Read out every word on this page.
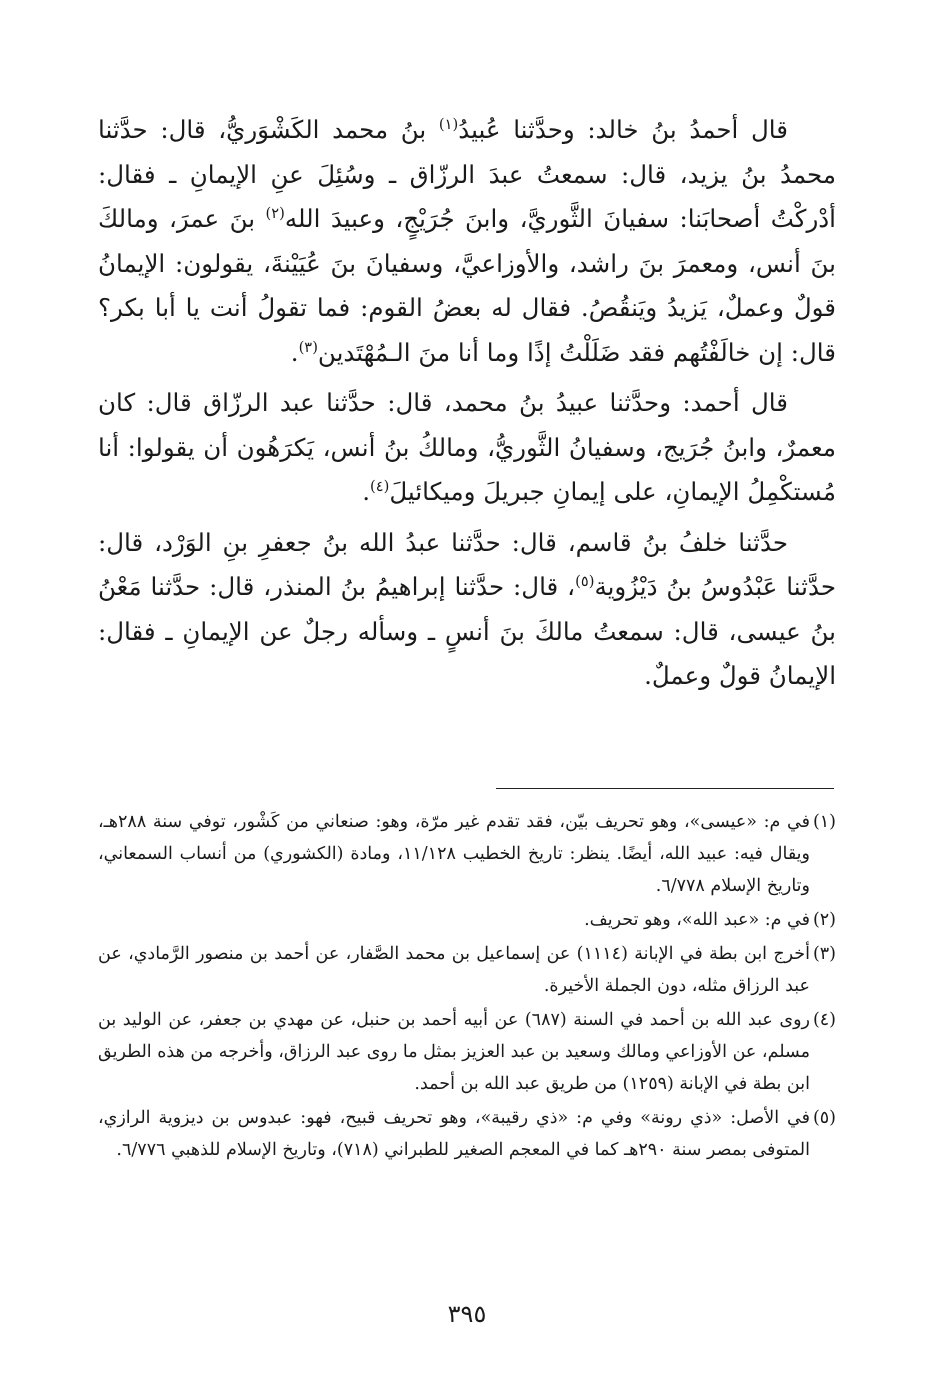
قال أحمدُ بنُ خالد: وحدَّثنا عُبيدُ$^{(١)}$ بنُ محمد الكَشْوَريُّ، قال: حدَّثنا محمدُ بنُ يزيد، قال: سمعتُ عبدَ الرزّاق ـ وسُئِلَ عنِ الإيمانِ ـ فقال: أدْركْتُ أصحابَنا: سفيانَ الثَّوريَّ، وابنَ جُرَيْجٍ، وعبيدَ الله$^{(٢)}$ بنَ عمرَ، ومالكَ بنَ أنس، ومعمرَ بنَ راشد، والأوزاعيَّ، وسفيانَ بنَ عُيَيْنةَ، يقولون: الإيمانُ قولٌ وعملٌ، يَزيدُ ويَنقُصُ. فقال له بعضُ القوم: فما تقولُ أنت يا أبا بكر؟ قال: إن خالَفْتُهم فقد ضَلَلْتُ إذًا وما أنا منَ الـمُهْتَدين$^{(٣)}$.

قال أحمد: وحدَّثنا عبيدُ بنُ محمد، قال: حدَّثنا عبد الرزّاق قال: كان معمرٌ، وابنُ جُرَيج، وسفيانُ الثَّوريُّ، ومالكُ بنُ أنس، يَكرَهُون أن يقولوا: أنا مُستكْمِلُ الإيمانِ، على إيمانِ جبريلَ وميكائيلَ$^{(٤)}$.

حدَّثنا خلفُ بنُ قاسم، قال: حدَّثنا عبدُ الله بنُ جعفرِ بنِ الوَرْد، قال: حدَّثنا عَبْدُوسُ بنُ دَيْزُوية$^{(٥)}$، قال: حدَّثنا إبراهيمُ بنُ المنذر، قال: حدَّثنا مَعْنُ بنُ عيسى، قال: سمعتُ مالكَ بنَ أنسٍ ـ وسأله رجلٌ عن الإيمانِ ـ فقال: الإيمانُ قولٌ وعملٌ.

(١)في م: «عيسى»، وهو تحريف بيّن، فقد تقدم غير مرّة، وهو: صنعاني من كَشْور، توفي سنة ٢٨٨هـ، ويقال فيه: عبيد الله، أيضًا. ينظر: تاريخ الخطيب ١١/١٢٨، ومادة (الكشوري) من أنساب السمعاني، وتاريخ الإسلام ٦/٧٧٨.

(٢)في م: «عبد الله»، وهو تحريف.

(٣)أخرج ابن بطة في الإبانة (١١١٤) عن إسماعيل بن محمد الصَّفار، عن أحمد بن منصور الرَّمادي، عن عبد الرزاق مثله، دون الجملة الأخيرة.

(٤)روى عبد الله بن أحمد في السنة (٦٨٧) عن أبيه أحمد بن حنبل، عن مهدي بن جعفر، عن الوليد بن مسلم، عن الأوزاعي ومالك وسعيد بن عبد العزيز بمثل ما روى عبد الرزاق، وأخرجه من هذه الطريق ابن بطة في الإبانة (١٢٥٩) من طريق عبد الله بن أحمد.

(٥)في الأصل: «ذي رونة» وفي م: «ذي رقيبة»، وهو تحريف قبيح، فهو: عبدوس بن ديزوية الرازي، المتوفى بمصر سنة ٢٩٠هـ كما في المعجم الصغير للطبراني (٧١٨)، وتاريخ الإسلام للذهبي ٦/٧٧٦.

٣٩٥
